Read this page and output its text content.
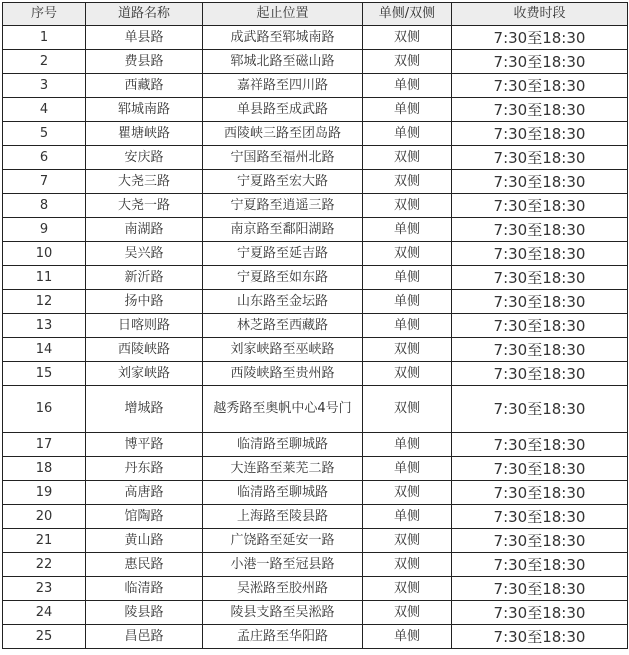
序号	道路名称	起止位置	单侧/双侧	收费时段
1	单县路	成武路至郓城南路	双侧	7:30至18:30
2	费县路	郓城北路至磁山路	双侧	7:30至18:30
3	西藏路	嘉祥路至四川路	单侧	7:30至18:30
4	郓城南路	单县路至成武路	单侧	7:30至18:30
5	瞿塘峡路	西陵峡三路至团岛路	单侧	7:30至18:30
6	安庆路	宁国路至福州北路	双侧	7:30至18:30
7	大尧三路	宁夏路至宏大路	双侧	7:30至18:30
8	大尧一路	宁夏路至逍遥三路	双侧	7:30至18:30
9	南湖路	南京路至鄱阳湖路	单侧	7:30至18:30
10	吴兴路	宁夏路至延吉路	双侧	7:30至18:30
11	新沂路	宁夏路至如东路	单侧	7:30至18:30
12	扬中路	山东路至金坛路	单侧	7:30至18:30
13	日喀则路	林芝路至西藏路	单侧	7:30至18:30
14	西陵峡路	刘家峡路至巫峡路	双侧	7:30至18:30
15	刘家峡路	西陵峡路至贵州路	双侧	7:30至18:30
16	增城路	越秀路至奥帆中心4号门	双侧	7:30至18:30
17	博平路	临清路至聊城路	单侧	7:30至18:30
18	丹东路	大连路至莱芜二路	单侧	7:30至18:30
19	高唐路	临清路至聊城路	双侧	7:30至18:30
20	馆陶路	上海路至陵县路	单侧	7:30至18:30
21	黄山路	广饶路至延安一路	双侧	7:30至18:30
22	惠民路	小港一路至冠县路	双侧	7:30至18:30
23	临清路	吴淞路至胶州路	双侧	7:30至18:30
24	陵县路	陵县支路至吴淞路	双侧	7:30至18:30
25	昌邑路	孟庄路至华阳路	单侧	7:30至18:30
